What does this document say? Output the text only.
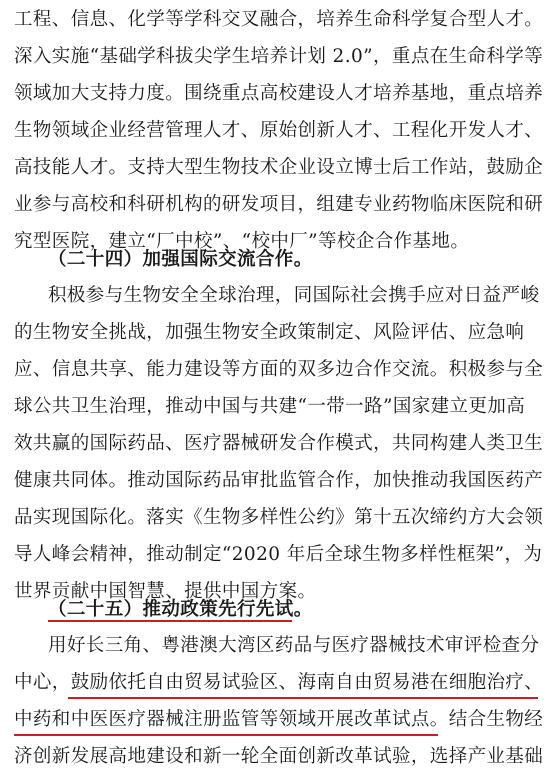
工程、信息、化学等学科交叉融合，培养生命科学复合型人才。
深入实施“基础学科拔尖学生培养计划 2.0”，重点在生命科学等
领域加大支持力度。围绕重点高校建设人才培养基地，重点培养
生物领域企业经营管理人才、原始创新人才、工程化开发人才、
高技能人才。支持大型生物技术企业设立博士后工作站，鼓励企
业参与高校和科研机构的研发项目，组建专业药物临床医院和研
究型医院，建立“厂中校”、“校中厂”等校企合作基地。
（二十四）加强国际交流合作。
积极参与生物安全全球治理，同国际社会携手应对日益严峻
的生物安全挑战，加强生物安全政策制定、风险评估、应急响
应、信息共享、能力建设等方面的双多边合作交流。积极参与全
球公共卫生治理，推动中国与共建“一带一路”国家建立更加高
效共赢的国际药品、医疗器械研发合作模式，共同构建人类卫生
健康共同体。推动国际药品审批监管合作，加快推动我国医药产
品实现国际化。落实《生物多样性公约》第十五次缔约方大会领
导人峰会精神，推动制定“2020 年后全球生物多样性框架”，为
世界贡献中国智慧、提供中国方案。
（二十五）推动政策先行先试。
用好长三角、粤港澳大湾区药品与医疗器械技术审评检查分
中心，鼓励依托自由贸易试验区、海南自由贸易港在细胞治疗、
中药和中医医疗器械注册监管等领域开展改革试点。结合生物经
济创新发展高地建设和新一轮全面创新改革试验，选择产业基础
